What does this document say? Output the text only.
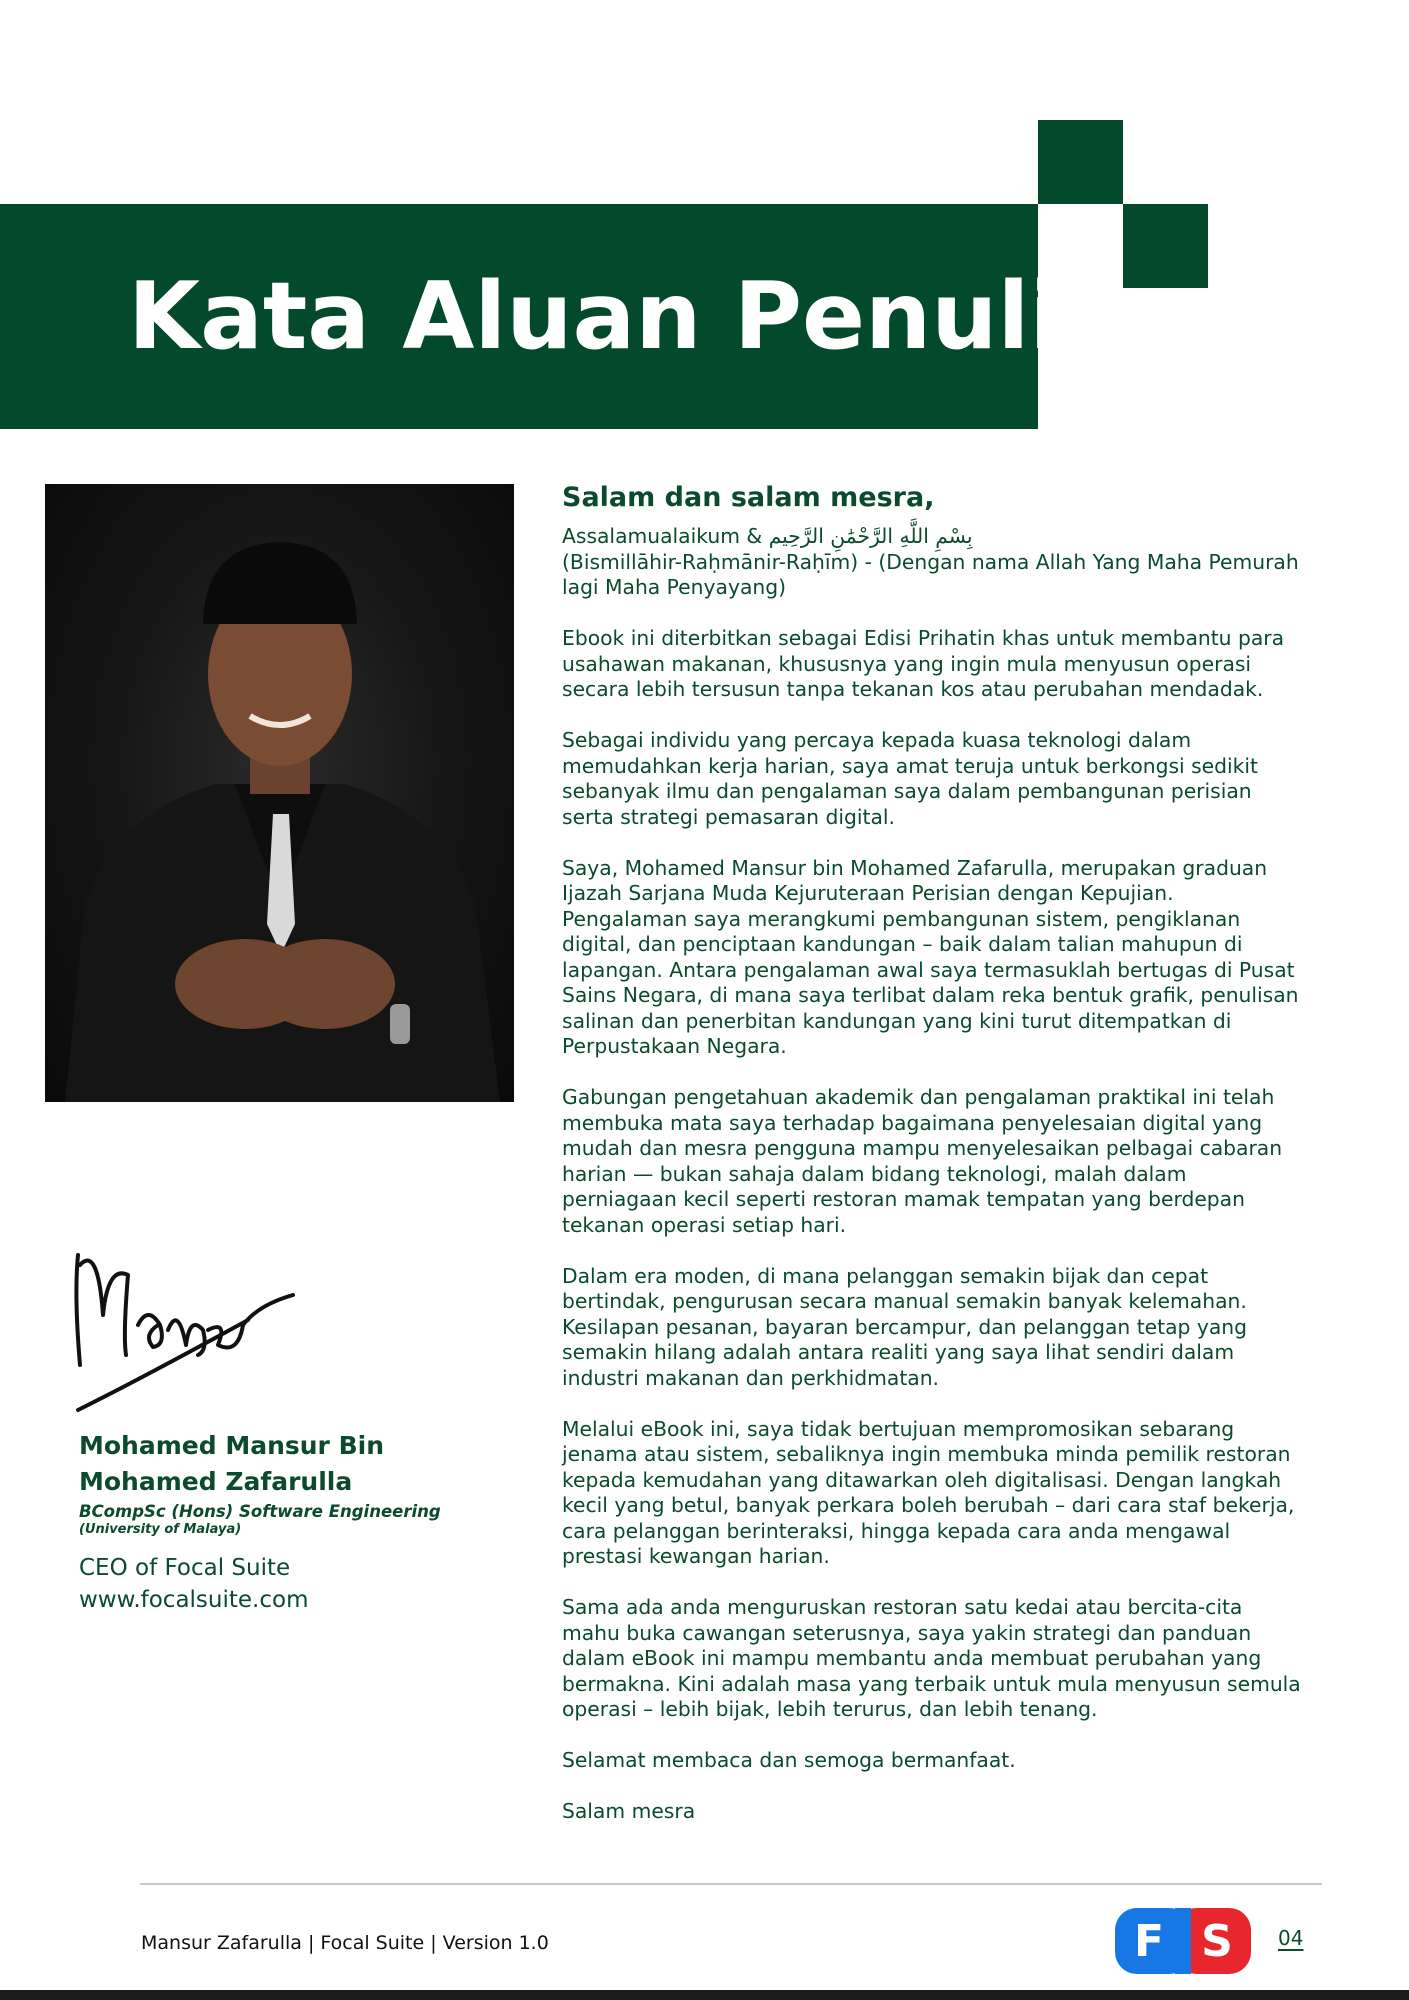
Kata Aluan Penulis

Mohamed Mansur Bin Mohamed Zafarulla

BCompSc (Hons) Software Engineering

(University of Malaya)

CEO of Focal Suite

www.focalsuite.com

Salam dan salam mesra,

Assalamualaikum & بِسْمِ اللَّهِ الرَّحْمَٰنِ الرَّحِيم
(Bismillāhir-Raḥmānir-Raḥīm) - (Dengan nama Allah Yang Maha Pemurah lagi Maha Penyayang)

Ebook ini diterbitkan sebagai Edisi Prihatin khas untuk membantu para usahawan makanan, khususnya yang ingin mula menyusun operasi secara lebih tersusun tanpa tekanan kos atau perubahan mendadak.

Sebagai individu yang percaya kepada kuasa teknologi dalam memudahkan kerja harian, saya amat teruja untuk berkongsi sedikit sebanyak ilmu dan pengalaman saya dalam pembangunan perisian serta strategi pemasaran digital.

Saya, Mohamed Mansur bin Mohamed Zafarulla, merupakan graduan Ijazah Sarjana Muda Kejuruteraan Perisian dengan Kepujian. Pengalaman saya merangkumi pembangunan sistem, pengiklanan digital, dan penciptaan kandungan – baik dalam talian mahupun di lapangan. Antara pengalaman awal saya termasuklah bertugas di Pusat Sains Negara, di mana saya terlibat dalam reka bentuk grafik, penulisan salinan dan penerbitan kandungan yang kini turut ditempatkan di Perpustakaan Negara.

Gabungan pengetahuan akademik dan pengalaman praktikal ini telah membuka mata saya terhadap bagaimana penyelesaian digital yang mudah dan mesra pengguna mampu menyelesaikan pelbagai cabaran harian — bukan sahaja dalam bidang teknologi, malah dalam perniagaan kecil seperti restoran mamak tempatan yang berdepan tekanan operasi setiap hari.

Dalam era moden, di mana pelanggan semakin bijak dan cepat bertindak, pengurusan secara manual semakin banyak kelemahan. Kesilapan pesanan, bayaran bercampur, dan pelanggan tetap yang semakin hilang adalah antara realiti yang saya lihat sendiri dalam industri makanan dan perkhidmatan.

Melalui eBook ini, saya tidak bertujuan mempromosikan sebarang jenama atau sistem, sebaliknya ingin membuka minda pemilik restoran kepada kemudahan yang ditawarkan oleh digitalisasi. Dengan langkah kecil yang betul, banyak perkara boleh berubah – dari cara staf bekerja, cara pelanggan berinteraksi, hingga kepada cara anda mengawal prestasi kewangan harian.

Sama ada anda menguruskan restoran satu kedai atau bercita-cita mahu buka cawangan seterusnya, saya yakin strategi dan panduan dalam eBook ini mampu membantu anda membuat perubahan yang bermakna. Kini adalah masa yang terbaik untuk mula menyusun semula operasi – lebih bijak, lebih terurus, dan lebih tenang.

Selamat membaca dan semoga bermanfaat.

Salam mesra

Mansur Zafarulla | Focal Suite | Version 1.0	F S 04
